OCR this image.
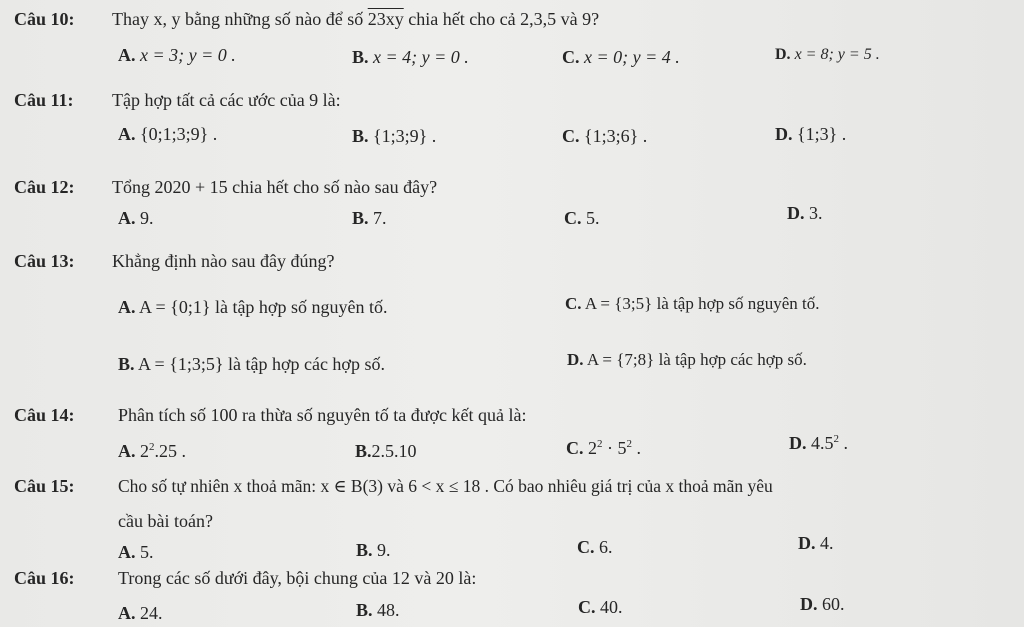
Câu 10: Thay x, y bằng những số nào để số 23xy chia hết cho cả 2,3,5 và 9?
A. x = 3; y = 0 .	B. x = 4; y = 0 .	C. x = 0; y = 4 .	D. x = 8; y = 5 .
Câu 11: Tập hợp tất cả các ước của 9 là:
A. {0;1;3;9} .	B. {1;3;9} .	C. {1;3;6} .	D. {1;3} .
Câu 12: Tổng 2020 + 15 chia hết cho số nào sau đây?
A. 9.	B. 7.	C. 5.	D. 3.
Câu 13: Khẳng định nào sau đây đúng?
A. A = {0;1} là tập hợp số nguyên tố.	C. A = {3;5} là tập hợp số nguyên tố.
B. A = {1;3;5} là tập hợp các hợp số.	D. A = {7;8} là tập hợp các hợp số.
Câu 14: Phân tích số 100 ra thừa số nguyên tố ta được kết quả là:
A. $2^2.25$ .	B.2.5.10	C. $2^2 \cdot 5^2$ .	D. $4.5^2$ .
Câu 15: Cho số tự nhiên x thoả mãn: x ∈ B(3) và 6 < x ≤ 18 . Có bao nhiêu giá trị của x thoả mãn yêu
cầu bài toán?
A. 5.	B. 9.	C. 6.	D. 4.
Câu 16: Trong các số dưới đây, bội chung của 12 và 20 là:
A. 24.	B. 48.	C. 40.	D. 60.
